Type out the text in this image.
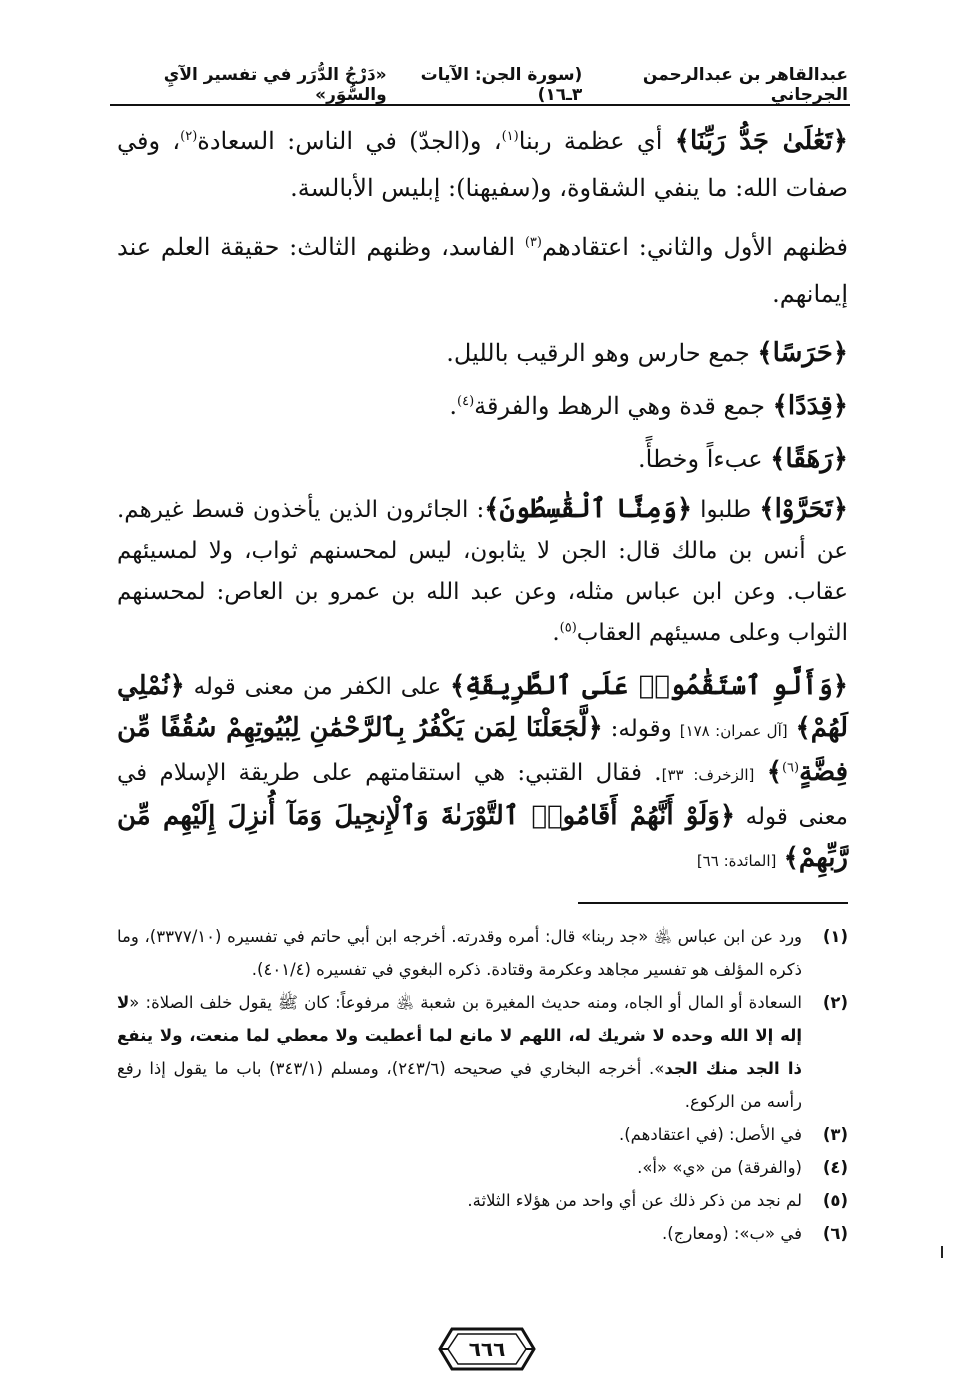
عبدالقاهر بن عبدالرحمن الجرجاني
(سورة الجن: الآيات ٣ـ١٦)
«دَرْجُ الدُّرَر في تفسير الآيِ والسُّوَر»

﴿تَعَٰلَىٰ جَدُّ رَبِّنَا﴾ أي عظمة ربنا$^{(١)}$، و(الجدّ) في الناس: السعادة$^{(٢)}$، وفي صفات الله: ما ينفي الشقاوة، و(سفيهنا): إبليس الأبالسة.

فظنهم الأول والثاني: اعتقادهم$^{(٣)}$ الفاسد، وظنهم الثالث: حقيقة العلم عند إيمانهم.

﴿حَرَسًا﴾ جمع حارس وهو الرقيب بالليل.

﴿قِدَدًا﴾ جمع قدة وهي الرهط والفرقة$^{(٤)}$.

﴿رَهَقًا﴾ عبءاً وخطأً.

﴿تَحَرَّوْا﴾ طلبوا ﴿وَمِنَّا ٱلْقَٰسِطُونَ﴾: الجائرون الذين يأخذون قسط غيرهم. عن أنس بن مالك قال: الجن لا يثابون، ليس لمحسنهم ثواب، ولا لمسيئهم عقاب. وعن ابن عباس مثله، وعن عبد الله بن عمرو بن العاص: لمحسنهم الثواب وعلى مسيئهم العقاب$^{(٥)}$.

﴿وَأَلَّوِ ٱسْتَقَٰمُوا۟ عَلَى ٱلطَّرِيقَةِ﴾ على الكفر من معنى قوله ﴿نُمْلِي لَهُمْ﴾ [آل عمران: ١٧٨] وقوله: ﴿لَّجَعَلْنَا لِمَن يَكْفُرُ بِٱلرَّحْمَٰنِ لِبُيُوتِهِمْ سُقُفًا مِّن فِضَّةٍ$^{(٦)}$﴾ [الزخرف: ٣٣]. فقال القتبي: هي استقامتهم على طريقة الإسلام في معنى قوله ﴿وَلَوْ أَنَّهُمْ أَقَامُوا۟ ٱلتَّوْرَىٰةَ وَٱلْإِنجِيلَ وَمَآ أُنزِلَ إِلَيْهِم مِّن رَّبِّهِمْ﴾ [المائدة: ٦٦]

(١)
ورد عن ابن عباس ﵁ «جد ربنا» قال: أمره وقدرته. أخرجه ابن أبي حاتم في تفسيره (٣٣٧٧/١٠)، وما ذكره المؤلف هو تفسير مجاهد وعكرمة وقتادة. ذكره البغوي في تفسيره (٤٠١/٤).
(٢)
السعادة أو المال أو الجاه، ومنه حديث المغيرة بن شعبة ﵁ مرفوعاً: كان ﷺ يقول خلف الصلاة: «لا إله إلا الله وحده لا شريك له، اللهم لا مانع لما أعطيت ولا معطي لما منعت، ولا ينفع ذا الجد منك الجد». أخرجه البخاري في صحيحه (٢٤٣/٦)، ومسلم (٣٤٣/١) باب ما يقول إذا رفع رأسه من الركوع.
(٣)
في الأصل: (في اعتقادهم).
(٤)
(والفرقة) من «ي» «أ».
(٥)
لم نجد من ذكر ذلك عن أي واحد من هؤلاء الثلاثة.
(٦)
في «ب»: (ومعارج).
٦٦٦
